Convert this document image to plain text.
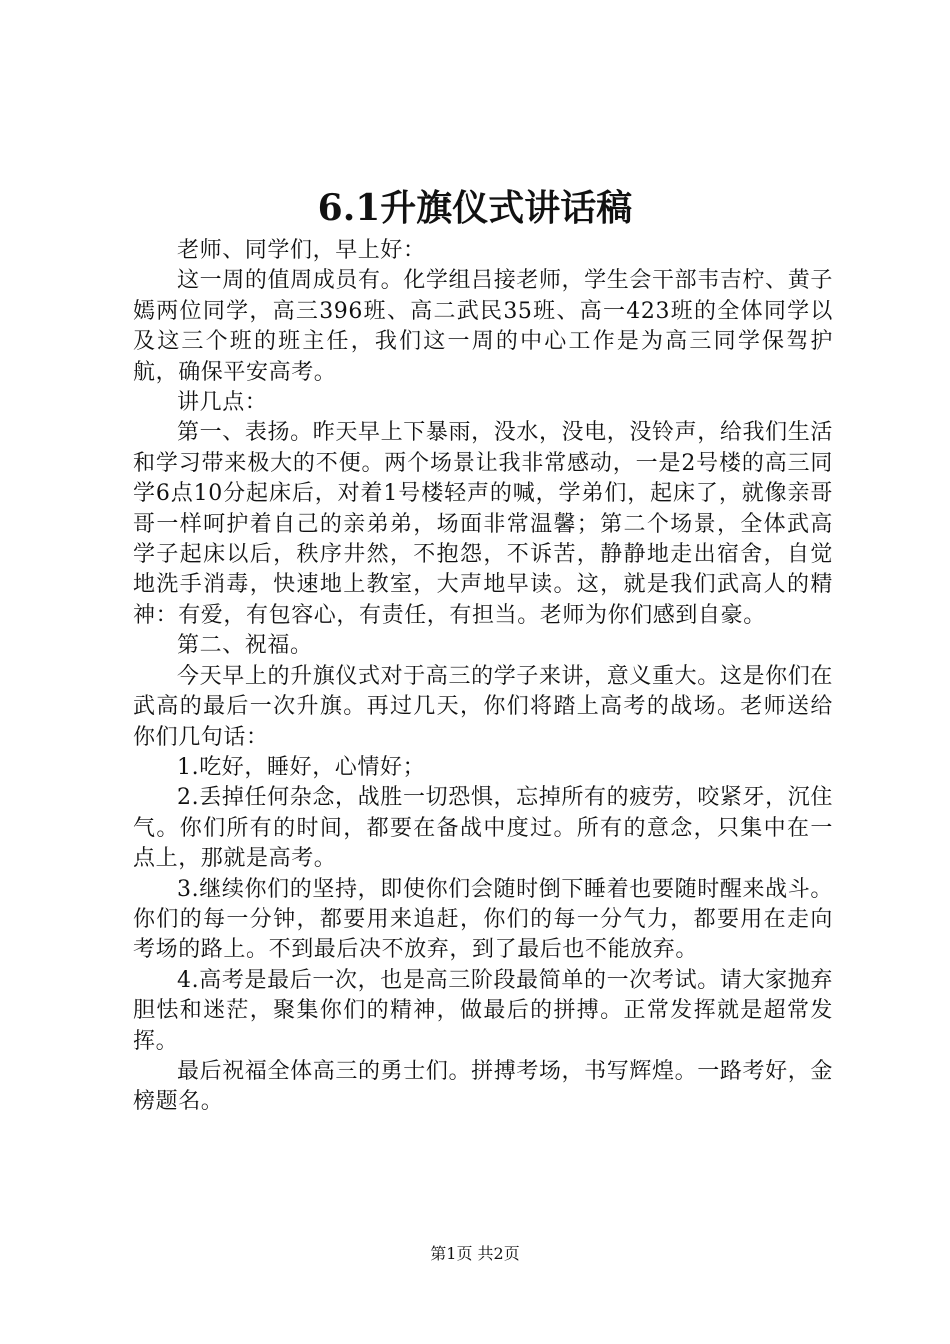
6.1升旗仪式讲话稿

老师、同学们，早上好：

这一周的值周成员有。化学组吕接老师，学生会干部韦吉柠、黄子嫣两位同学，高三396班、高二武民35班、高一423班的全体同学以及这三个班的班主任，我们这一周的中心工作是为高三同学保驾护航，确保平安高考。

讲几点：

第一、表扬。昨天早上下暴雨，没水，没电，没铃声，给我们生活和学习带来极大的不便。两个场景让我非常感动，一是2号楼的高三同学6点10分起床后，对着1号楼轻声的喊，学弟们，起床了，就像亲哥哥一样呵护着自己的亲弟弟，场面非常温馨；第二个场景，全体武高学子起床以后，秩序井然，不抱怨，不诉苦，静静地走出宿舍，自觉地洗手消毒，快速地上教室，大声地早读。这，就是我们武高人的精神：有爱，有包容心，有责任，有担当。老师为你们感到自豪。

第二、祝福。

今天早上的升旗仪式对于高三的学子来讲，意义重大。这是你们在武高的最后一次升旗。再过几天，你们将踏上高考的战场。老师送给你们几句话：

1.吃好，睡好，心情好；

2.丢掉任何杂念，战胜一切恐惧，忘掉所有的疲劳，咬紧牙，沉住气。你们所有的时间，都要在备战中度过。所有的意念，只集中在一点上，那就是高考。

3.继续你们的坚持，即使你们会随时倒下睡着也要随时醒来战斗。你们的每一分钟，都要用来追赶，你们的每一分气力，都要用在走向考场的路上。不到最后决不放弃，到了最后也不能放弃。

4.高考是最后一次，也是高三阶段最简单的一次考试。请大家抛弃胆怯和迷茫，聚集你们的精神，做最后的拼搏。正常发挥就是超常发挥。

最后祝福全体高三的勇士们。拼搏考场，书写辉煌。一路考好，金榜题名。

第1页 共2页
